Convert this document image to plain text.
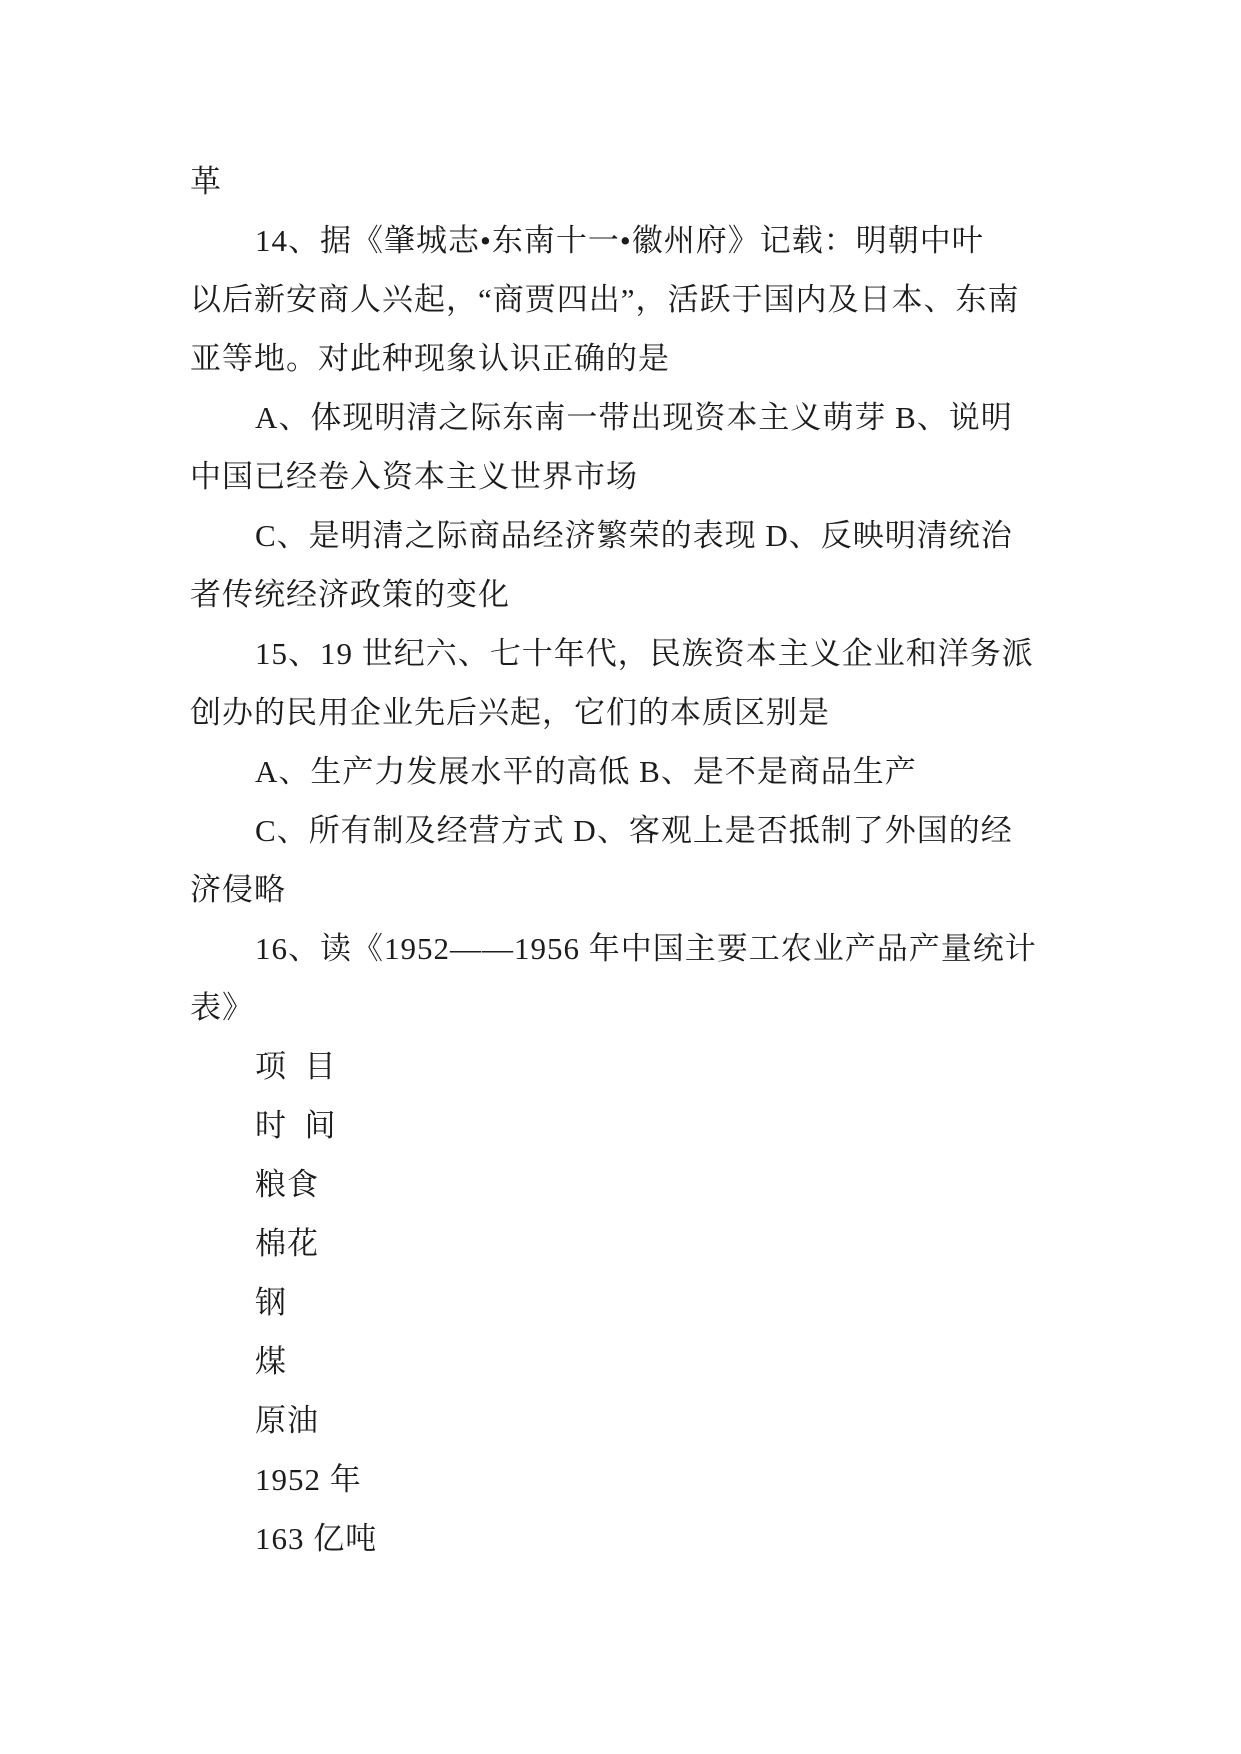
革
14、据《肇城志•东南十一•徽州府》记载：明朝中叶
以后新安商人兴起，“商贾四出”，活跃于国内及日本、东南
亚等地。对此种现象认识正确的是
A、体现明清之际东南一带出现资本主义萌芽 B、说明
中国已经卷入资本主义世界市场
C、是明清之际商品经济繁荣的表现 D、反映明清统治
者传统经济政策的变化
15、19 世纪六、七十年代，民族资本主义企业和洋务派
创办的民用企业先后兴起，它们的本质区别是
A、生产力发展水平的高低 B、是不是商品生产
C、所有制及经营方式 D、客观上是否抵制了外国的经
济侵略
16、读《1952——1956 年中国主要工农业产品产量统计
表》
项  目
时  间
粮食
棉花
钢
煤
原油
1952 年
163 亿吨
